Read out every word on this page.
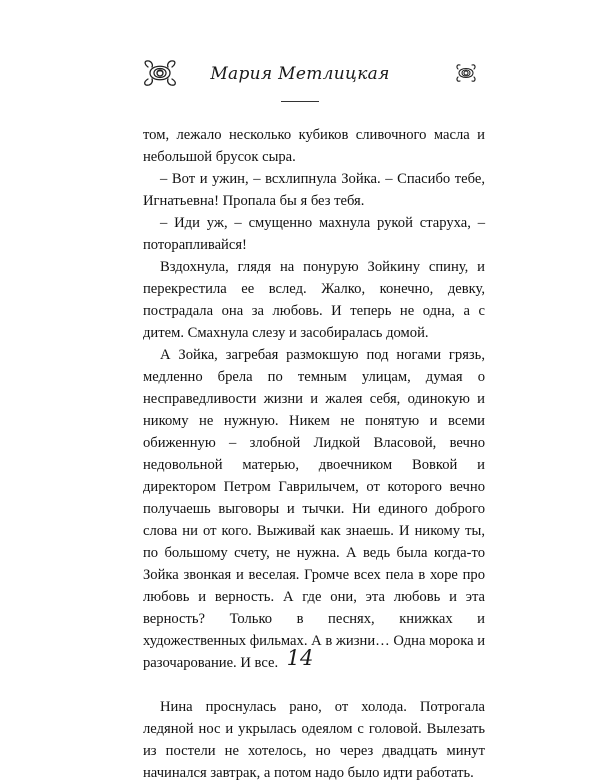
Мария Метлицкая

том, лежало несколько кубиков сливочного масла и небольшой брусок сыра.

– Вот и ужин, – всхлипнула Зойка. – Спасибо тебе, Игнатьевна! Пропала бы я без тебя.

– Иди уж, – смущенно махнула рукой старуха, – поторапливайся!

Вздохнула, глядя на понурую Зойкину спину, и перекрестила ее вслед. Жалко, конечно, девку, пострадала она за любовь. И теперь не одна, а с дитем. Смахнула слезу и засобиралась домой.

А Зойка, загребая размокшую под ногами грязь, медленно брела по темным улицам, думая о несправедливости жизни и жалея себя, одинокую и никому не нужную. Никем не понятую и всеми обиженную – злобной Лидкой Власовой, вечно недовольной матерью, двоечником Вовкой и директором Петром Гаврилычем, от которого вечно получаешь выговоры и тычки. Ни единого доброго слова ни от кого. Выживай как знаешь. И никому ты, по большому счету, не нужна. А ведь была когда-то Зойка звонкая и веселая. Громче всех пела в хоре про любовь и верность. А где они, эта любовь и эта верность? Только в песнях, книжках и художественных фильмах. А в жизни… Одна морока и разочарование. И все.

Нина проснулась рано, от холода. Потрогала ледяной нос и укрылась одеялом с головой. Вылезать из постели не хотелось, но через двадцать минут начинался завтрак, а потом надо было идти работать.

14
